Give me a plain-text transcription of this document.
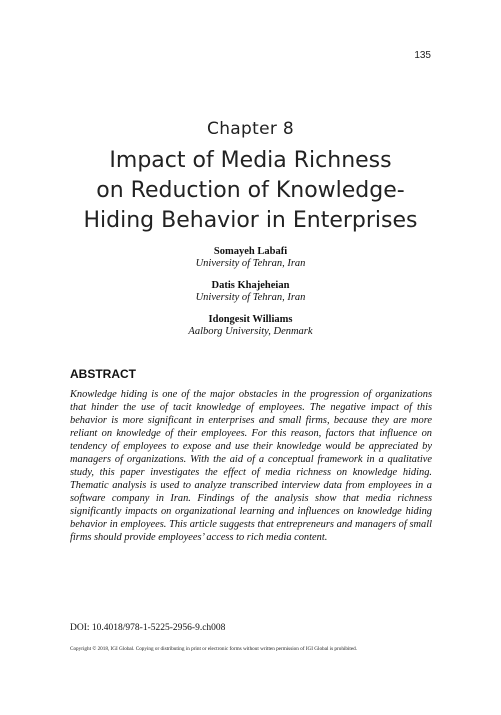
135
Chapter 8
Impact of Media Richness
on Reduction of Knowledge-
Hiding Behavior in Enterprises
Somayeh Labafi
University of Tehran, Iran
Datis Khajeheian
University of Tehran, Iran
Idongesit Williams
Aalborg University, Denmark
ABSTRACT

Knowledge hiding is one of the major obstacles in the progression of organizations that hinder the use of tacit knowledge of employees. The negative impact of this behavior is more significant in enterprises and small firms, because they are more reliant on knowledge of their employees. For this reason, factors that influence on tendency of employees to expose and use their knowledge would be appreciated by managers of organizations. With the aid of a conceptual framework in a qualitative study, this paper investigates the effect of media richness on knowledge hiding. Thematic analysis is used to analyze transcribed interview data from employees in a software company in Iran. Findings of the analysis show that media richness significantly impacts on organizational learning and influences on knowledge hiding behavior in employees. This article suggests that entrepreneurs and managers of small firms should provide employees’ access to rich media content.

DOI: 10.4018/978-1-5225-2956-9.ch008
Copyright © 2018, IGI Global. Copying or distributing in print or electronic forms without written permission of IGI Global is prohibited.
